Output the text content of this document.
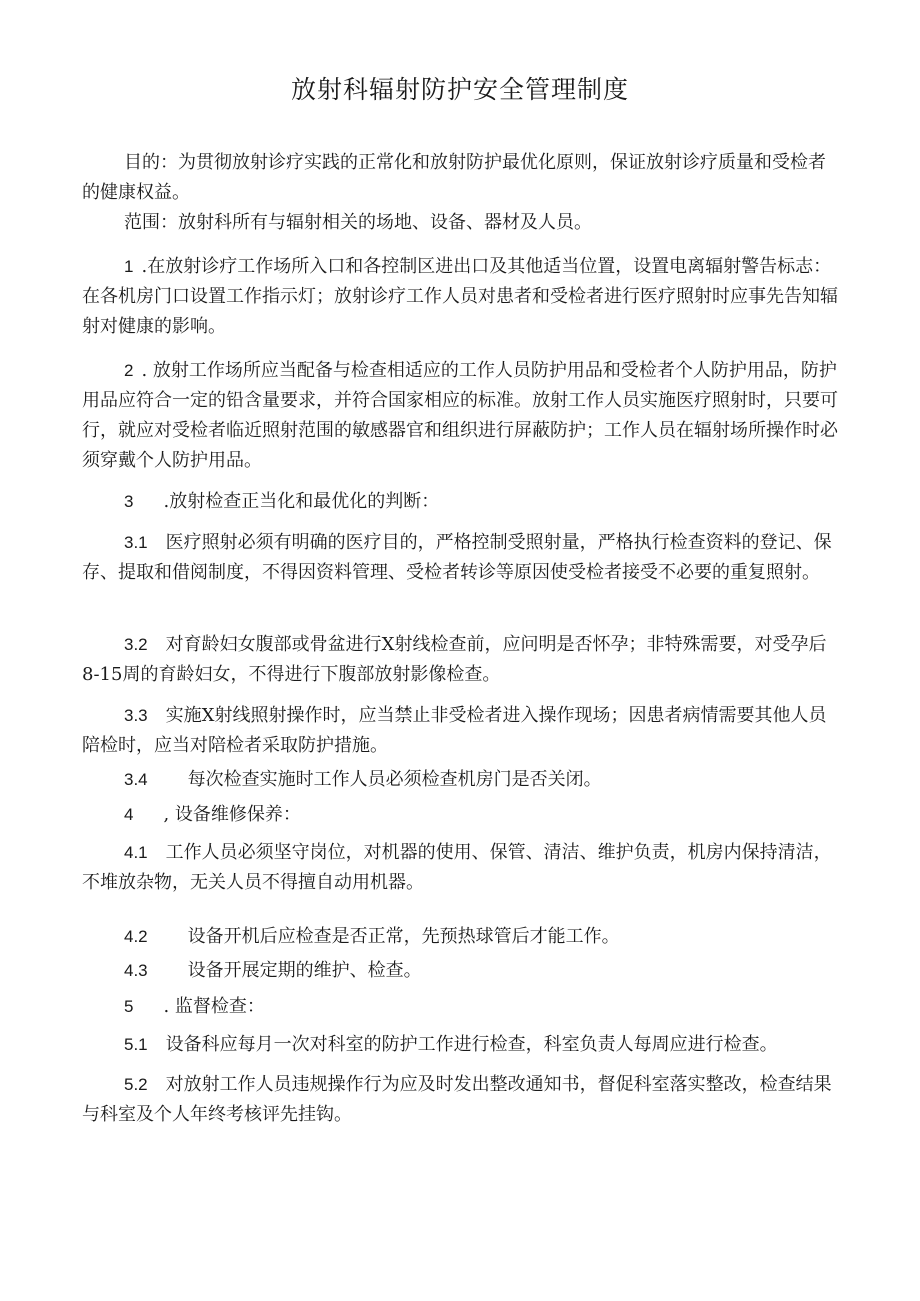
放射科辐射防护安全管理制度
目的：为贯彻放射诊疗实践的正常化和放射防护最优化原则，保证放射诊疗质量和受检者的健康权益。
范围：放射科所有与辐射相关的场地、设备、器材及人员。
1 .在放射诊疗工作场所入口和各控制区进出口及其他适当位置，设置电离辐射警告标志：在各机房门口设置工作指示灯；放射诊疗工作人员对患者和受检者进行医疗照射时应事先告知辐射对健康的影响。
2 . 放射工作场所应当配备与检查相适应的工作人员防护用品和受检者个人防护用品，防护用品应符合一定的铅含量要求，并符合国家相应的标准。放射工作人员实施医疗照射时，只要可行，就应对受检者临近照射范围的敏感器官和组织进行屏蔽防护；工作人员在辐射场所操作时必须穿戴个人防护用品。
3 .放射检查正当化和最优化的判断：
3.1 医疗照射必须有明确的医疗目的，严格控制受照射量，严格执行检查资料的登记、保存、提取和借阅制度，不得因资料管理、受检者转诊等原因使受检者接受不必要的重复照射。
3.2 对育龄妇女腹部或骨盆进行X射线检查前，应问明是否怀孕；非特殊需要，对受孕后8-15周的育龄妇女，不得进行下腹部放射影像检查。
3.3 实施X射线照射操作时，应当禁止非受检者进入操作现场；因患者病情需要其他人员陪检时，应当对陪检者采取防护措施。
3.4 每次检查实施时工作人员必须检查机房门是否关闭。
4 , 设备维修保养：
4.1 工作人员必须坚守岗位，对机器的使用、保管、清洁、维护负责，机房内保持清洁，不堆放杂物，无关人员不得擅自动用机器。
4.2 设备开机后应检查是否正常，先预热球管后才能工作。
4.3 设备开展定期的维护、检查。
5 . 监督检查：
5.1 设备科应每月一次对科室的防护工作进行检查，科室负责人每周应进行检查。
5.2 对放射工作人员违规操作行为应及时发出整改通知书，督促科室落实整改，检查结果与科室及个人年终考核评先挂钩。
